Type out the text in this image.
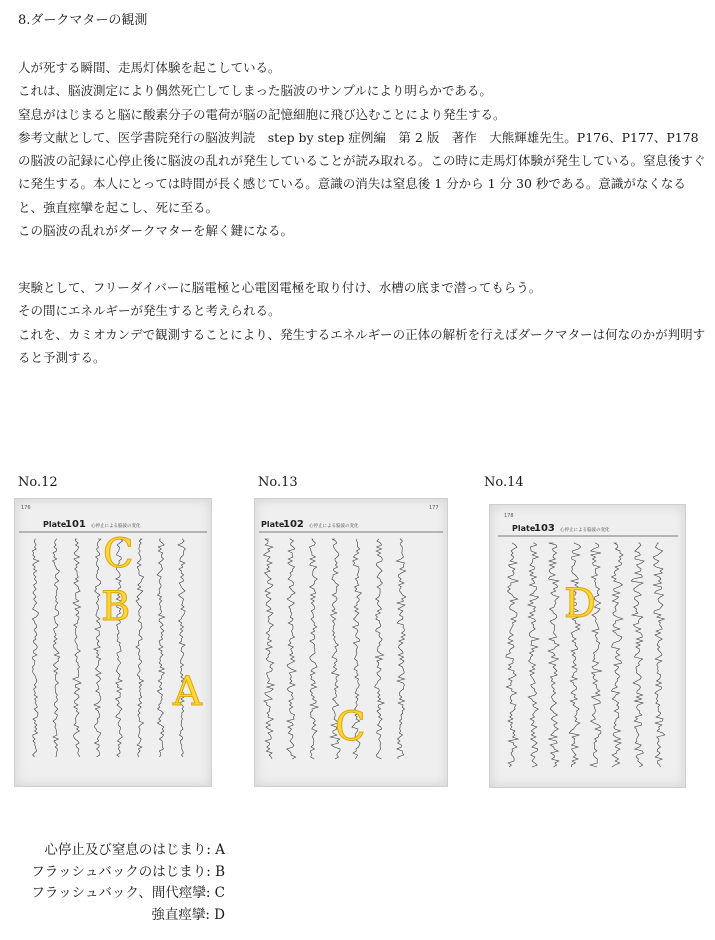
8.ダークマターの観測

人が死する瞬間、走馬灯体験を起こしている。
これは、脳波測定により偶然死亡してしまった脳波のサンプルにより明らかである。
窒息がはじまると脳に酸素分子の電荷が脳の記憶細胞に飛び込むことにより発生する。
参考文献として、医学書院発行の脳波判読　step by step 症例編　第 2 版　著作　大熊輝雄先生。P176、P177、P178 の脳波の記録に心停止後に脳波の乱れが発生していることが読み取れる。この時に走馬灯体験が発生している。窒息後すぐに発生する。本人にとっては時間が長く感じている。意識の消失は窒息後 1 分から 1 分 30 秒である。意識がなくなると、強直痙攣を起こし、死に至る。
この脳波の乱れがダークマターを解く鍵になる。

実験として、フリーダイバーに脳電極と心電図電極を取り付け、水槽の底まで潜ってもらう。
その間にエネルギーが発生すると考えられる。
これを、カミオカンデで観測することにより、発生するエネルギーの正体の解析を行えばダークマターは何なのかが判明すると予測する。

No.12
176
Plate
101 心停止による脳波の変化
C
B
A
No.13
177
Plate
102 心停止による脳波の変化
C
No.14
178
Plate
103 心停止による脳波の変化
D
心停止及び窒息のはじまり: A
フラッシュバックのはじまり: B
フラッシュバック、間代痙攣: C
強直痙攣: D
